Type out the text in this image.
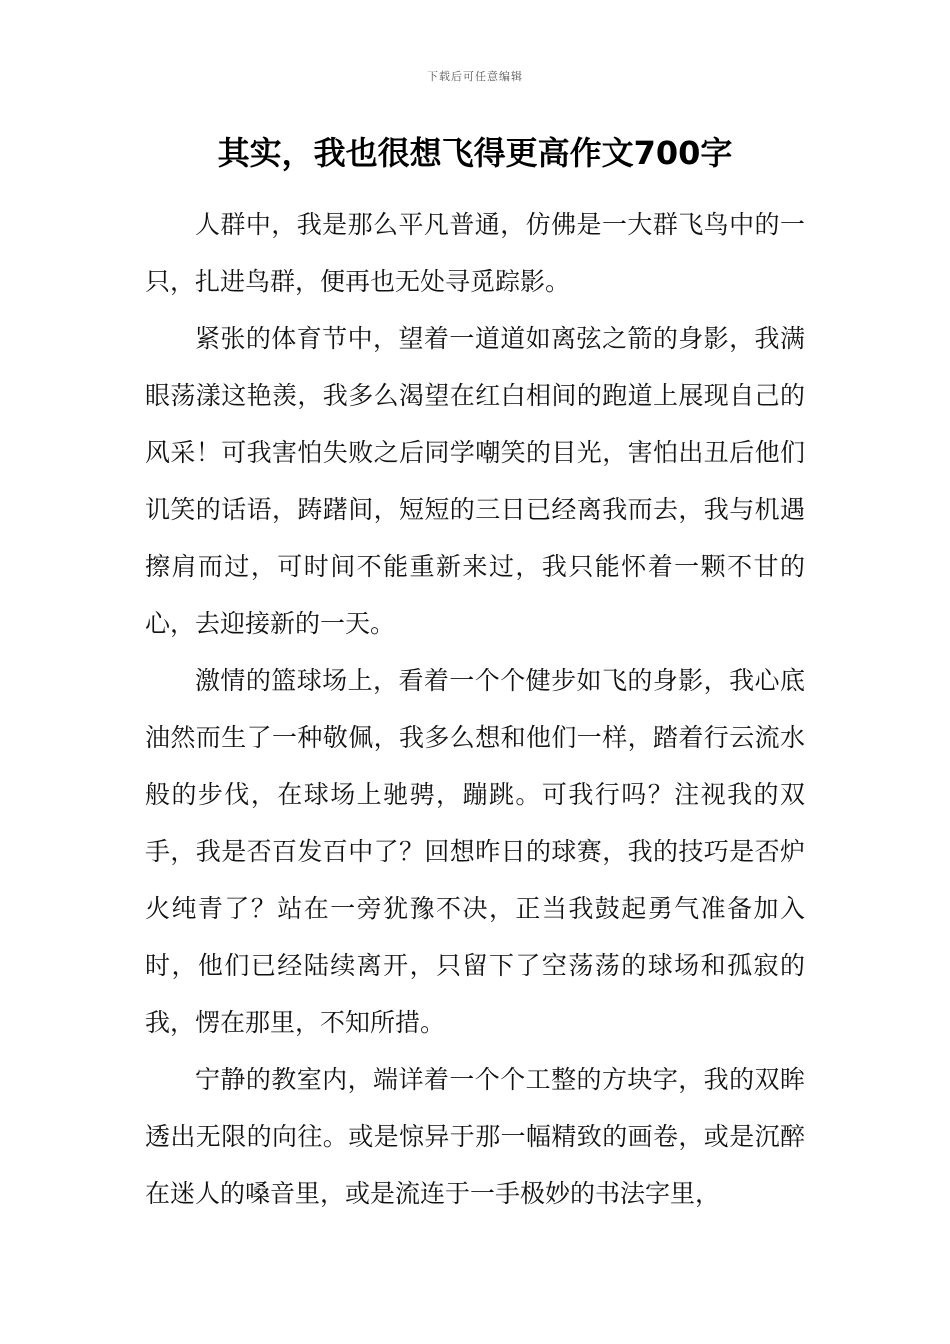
下载后可任意编辑
其实，我也很想飞得更高作文700字

人群中，我是那么平凡普通，仿佛是一大群飞鸟中的一只，扎进鸟群，便再也无处寻觅踪影。

紧张的体育节中，望着一道道如离弦之箭的身影，我满眼荡漾这艳羡，我多么渴望在红白相间的跑道上展现自己的风采！可我害怕失败之后同学嘲笑的目光，害怕出丑后他们讥笑的话语，踌躇间，短短的三日已经离我而去，我与机遇擦肩而过，可时间不能重新来过，我只能怀着一颗不甘的心，去迎接新的一天。

激情的篮球场上，看着一个个健步如飞的身影，我心底油然而生了一种敬佩，我多么想和他们一样，踏着行云流水般的步伐，在球场上驰骋，蹦跳。可我行吗？注视我的双手，我是否百发百中了？回想昨日的球赛，我的技巧是否炉火纯青了？站在一旁犹豫不决，正当我鼓起勇气准备加入时，他们已经陆续离开，只留下了空荡荡的球场和孤寂的我，愣在那里，不知所措。

宁静的教室内，端详着一个个工整的方块字，我的双眸透出无限的向往。或是惊异于那一幅精致的画卷，或是沉醉在迷人的嗓音里，或是流连于一手极妙的书法字里，
